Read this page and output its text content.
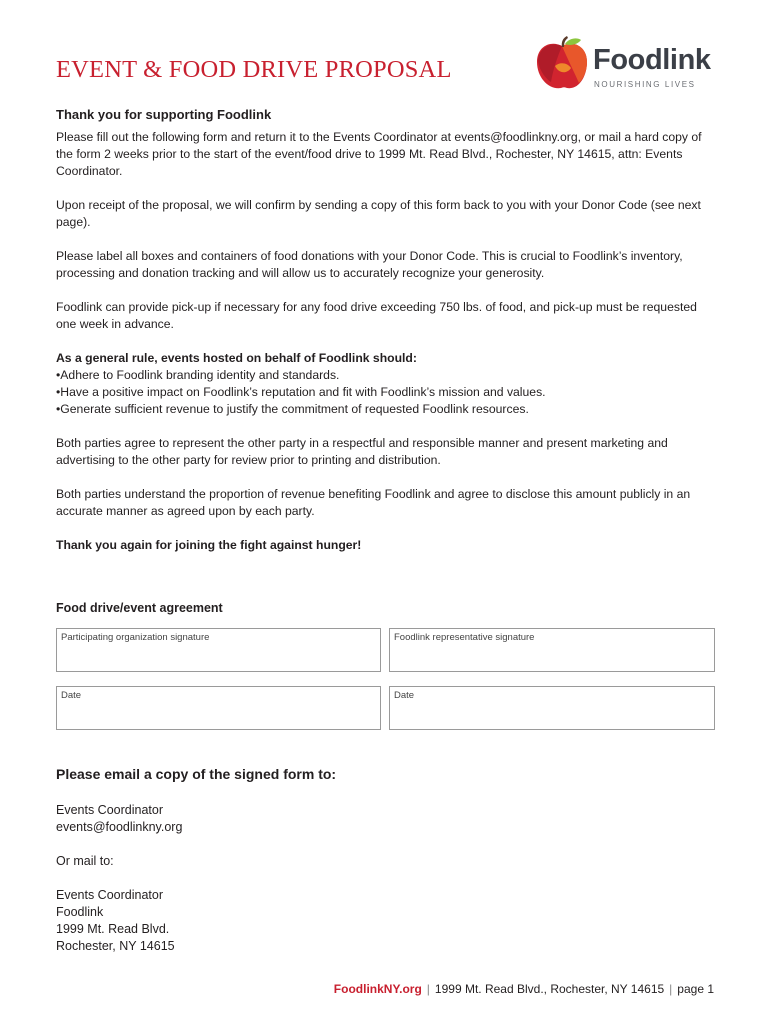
EVENT & FOOD DRIVE PROPOSAL	Foodlink
NOURISHING LIVES

Thank you for supporting Foodlink

Please fill out the following form and return it to the Events Coordinator at events@foodlinkny.org, or mail a hard copy of the form 2 weeks prior to the start of the event/food drive to 1999 Mt. Read Blvd., Rochester, NY 14615, attn: Events Coordinator.

Upon receipt of the proposal, we will confirm by sending a copy of this form back to you with your Donor Code (see next page).

Please label all boxes and containers of food donations with your Donor Code. This is crucial to Foodlink’s inventory, processing and donation tracking and will allow us to accurately recognize your generosity.

Foodlink can provide pick-up if necessary for any food drive exceeding 750 lbs. of food, and pick-up must be requested one week in advance.

As a general rule, events hosted on behalf of Foodlink should:

• Adhere to Foodlink branding identity and standards.
• Have a positive impact on Foodlink’s reputation and fit with Foodlink’s mission and values.
• Generate sufficient revenue to justify the commitment of requested Foodlink resources.

Both parties agree to represent the other party in a respectful and responsible manner and present marketing and advertising to the other party for review prior to printing and distribution.

Both parties understand the proportion of revenue benefiting Foodlink and agree to disclose this amount publicly in an accurate manner as agreed upon by each party.

Thank you again for joining the fight against hunger!

Food drive/event agreement
Participating organization signature	Foodlink representative signature
Date	Date
Please email a copy of the signed form to:
Events Coordinator
events@foodlinkny.org
Or mail to:
Events Coordinator
Foodlink
1999 Mt. Read Blvd.
Rochester, NY 14615
FoodlinkNY.org | 1999 Mt. Read Blvd., Rochester, NY 14615 | page 1
